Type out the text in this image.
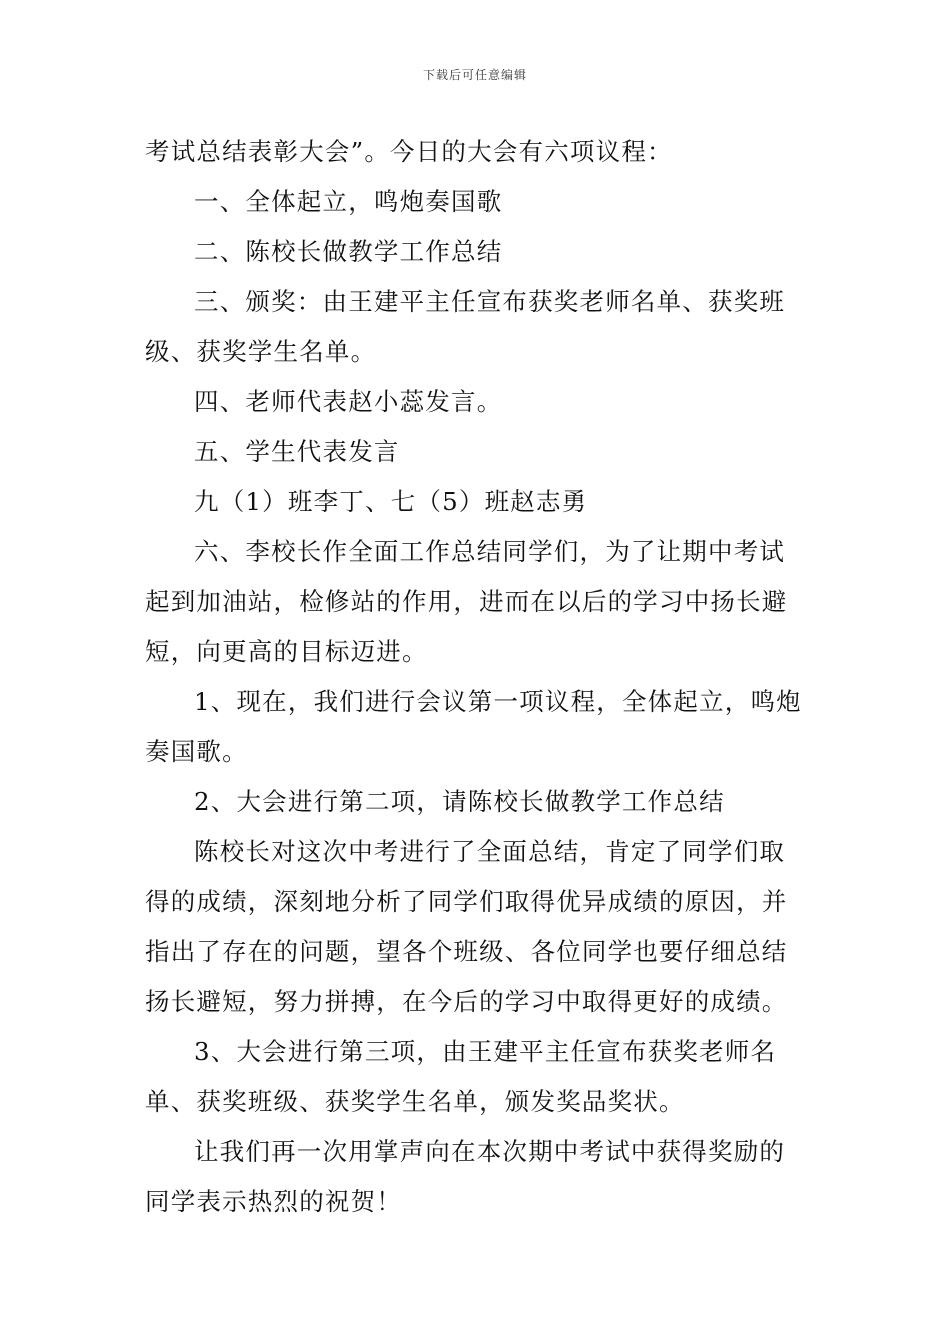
下载后可任意编辑

考试总结表彰大会”。今日的大会有六项议程：

一、全体起立，鸣炮奏国歌

二、陈校长做教学工作总结

三、颁奖：由王建平主任宣布获奖老师名单、获奖班级、获奖学生名单。

四、老师代表赵小蕊发言。

五、学生代表发言

九（1）班李丁、七（5）班赵志勇

六、李校长作全面工作总结同学们，为了让期中考试起到加油站，检修站的作用，进而在以后的学习中扬长避短，向更高的目标迈进。

1、现在，我们进行会议第一项议程，全体起立，鸣炮奏国歌。

2、大会进行第二项，请陈校长做教学工作总结

陈校长对这次中考进行了全面总结，肯定了同学们取得的成绩，深刻地分析了同学们取得优异成绩的原因，并指出了存在的问题，望各个班级、各位同学也要仔细总结扬长避短，努力拼搏，在今后的学习中取得更好的成绩。

3、大会进行第三项，由王建平主任宣布获奖老师名单、获奖班级、获奖学生名单，颁发奖品奖状。

让我们再一次用掌声向在本次期中考试中获得奖励的同学表示热烈的祝贺！
